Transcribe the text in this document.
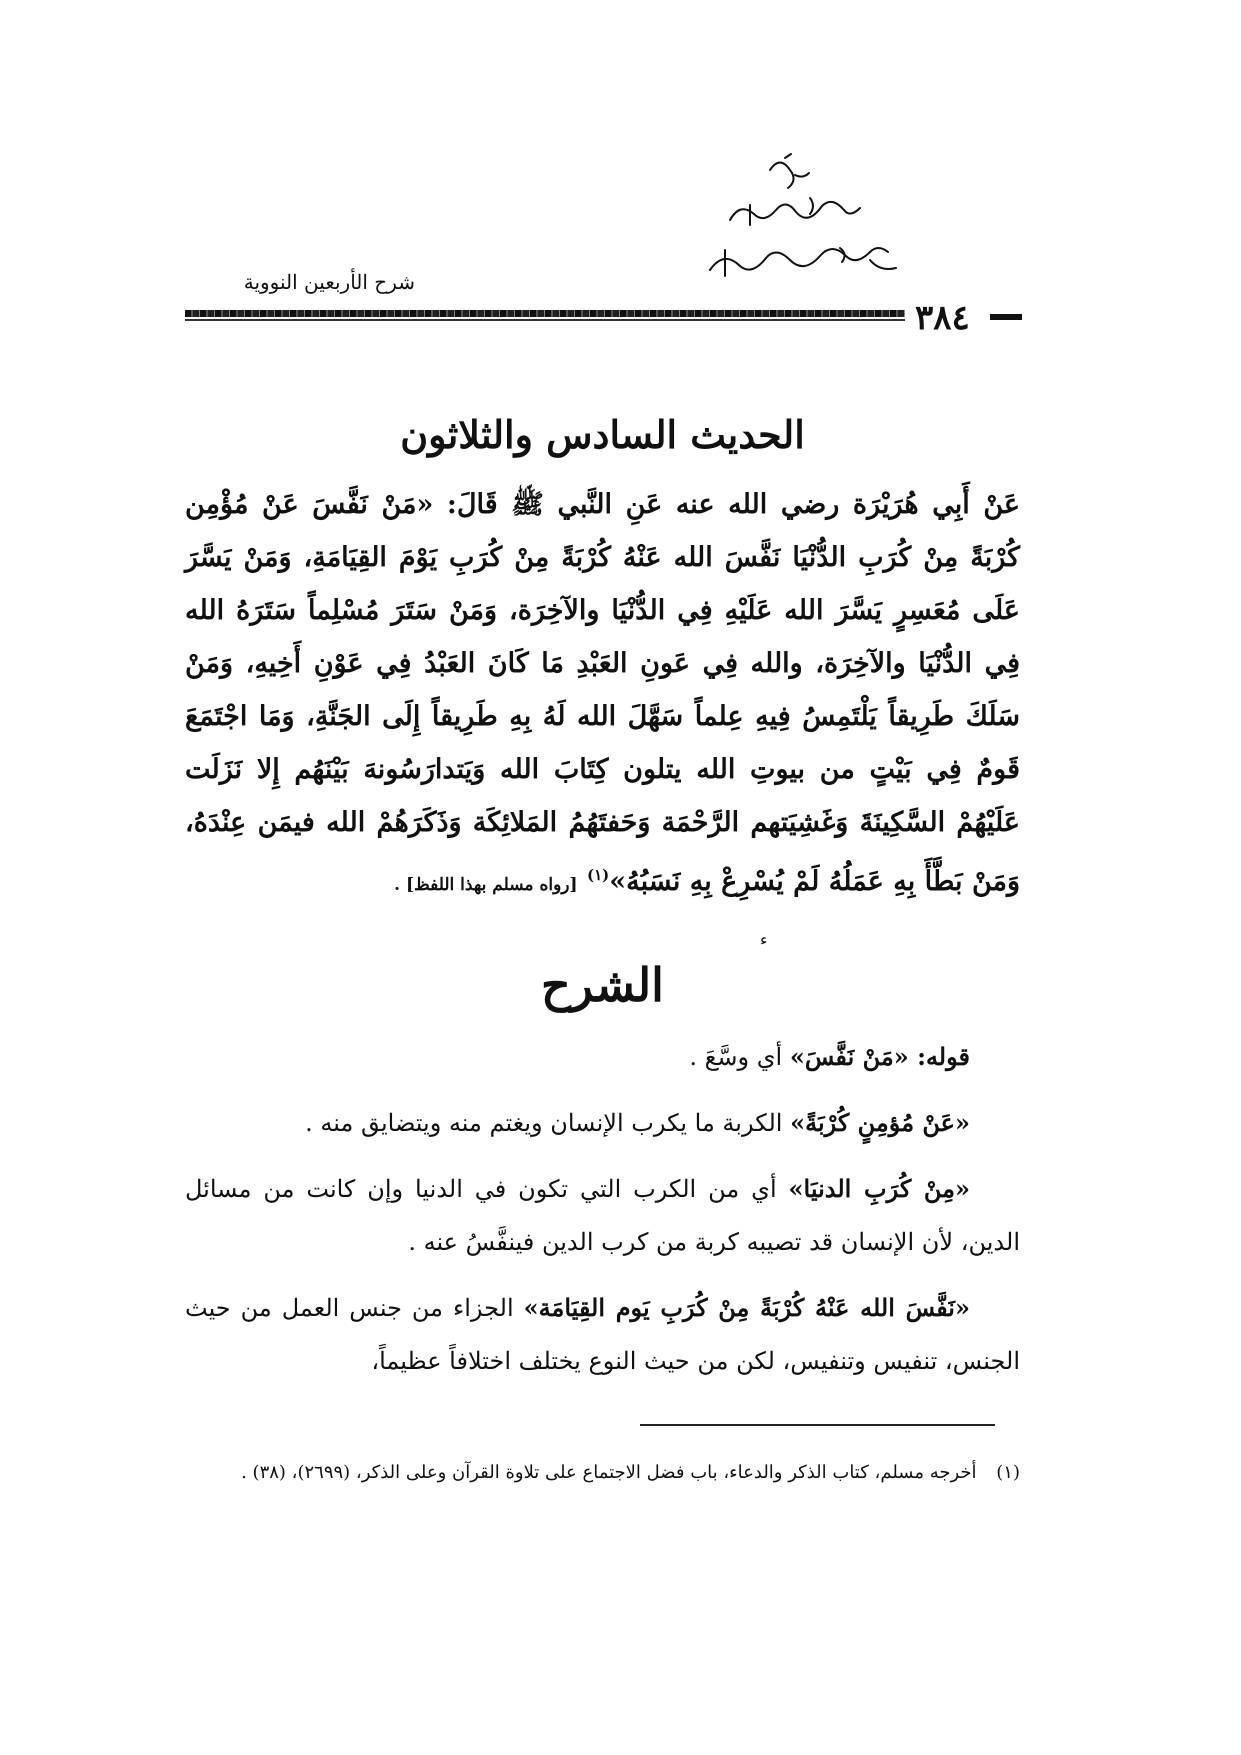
شرح الأربعين النووية
٣٨٤
الحديث السادس والثلاثون
عَنْ أَبِي هُرَيْرَة رضي الله عنه عَنِ النَّبي ﷺ قَالَ: «مَنْ نَفَّسَ عَنْ مُؤْمِن كُرْبَةً مِنْ كُرَبِ الدُّنْيَا نَفَّسَ الله عَنْهُ كُرْبَةً مِنْ كُرَبِ يَوْمَ القِيَامَةِ، وَمَنْ يَسَّرَ عَلَى مُعَسِرٍ يَسَّرَ الله عَلَيْهِ فِي الدُّنْيَا والآخِرَة، وَمَنْ سَتَرَ مُسْلِماً سَتَرَهُ الله فِي الدُّنْيَا والآخِرَة، والله فِي عَونِ العَبْدِ مَا كَانَ العَبْدُ فِي عَوْنِ أَخِيهِ، وَمَنْ سَلَكَ طَرِيقاً يَلْتَمِسُ فِيهِ عِلماً سَهَّلَ الله لَهُ بِهِ طَرِيقاً إِلَى الجَنَّةِ، وَمَا اجْتَمَعَ قَومٌ فِي بَيْتٍ من بيوتِ الله يتلون كِتَابَ الله وَيَتدارَسُونهَ بَيْنَهُم إِلا نَزَلَت عَلَيْهُمْ السَّكِينَةَ وَغَشِيَتهم الرَّحْمَة وَحَفتَهُمُ المَلائِكَة وَذَكَرَهُمْ الله فيمَن عِنْدَهُ، وَمَنْ بَطَّأَ بِهِ عَمَلُهُ لَمْ يُسْرِعْ بِهِ نَسَبُهُ»$^{(١)}$ [رواه مسلم بهذا اللفظ] .
ء
الشرح

قوله: «مَنْ نَفَّسَ» أي وسَّعَ .

«عَنْ مُؤمِنٍ كُرْبَةً» الكربة ما يكرب الإنسان ويغتم منه ويتضايق منه .

«مِنْ كُرَبِ الدنيَا» أي من الكرب التي تكون في الدنيا وإن كانت من مسائل الدين، لأن الإنسان قد تصيبه كربة من كرب الدين فينفَّسُ عنه .

«نَفَّسَ الله عَنْهُ كُرْبَةً مِنْ كُرَبِ يَوم القِيَامَة» الجزاء من جنس العمل من حيث الجنس، تنفيس وتنفيس، لكن من حيث النوع يختلف اختلافاً عظيماً،

(١) أخرجه مسلم، كتاب الذكر والدعاء، باب فضل الاجتماع على تلاوة القرآن وعلى الذكر، (٢٦٩٩)، (٣٨) .
